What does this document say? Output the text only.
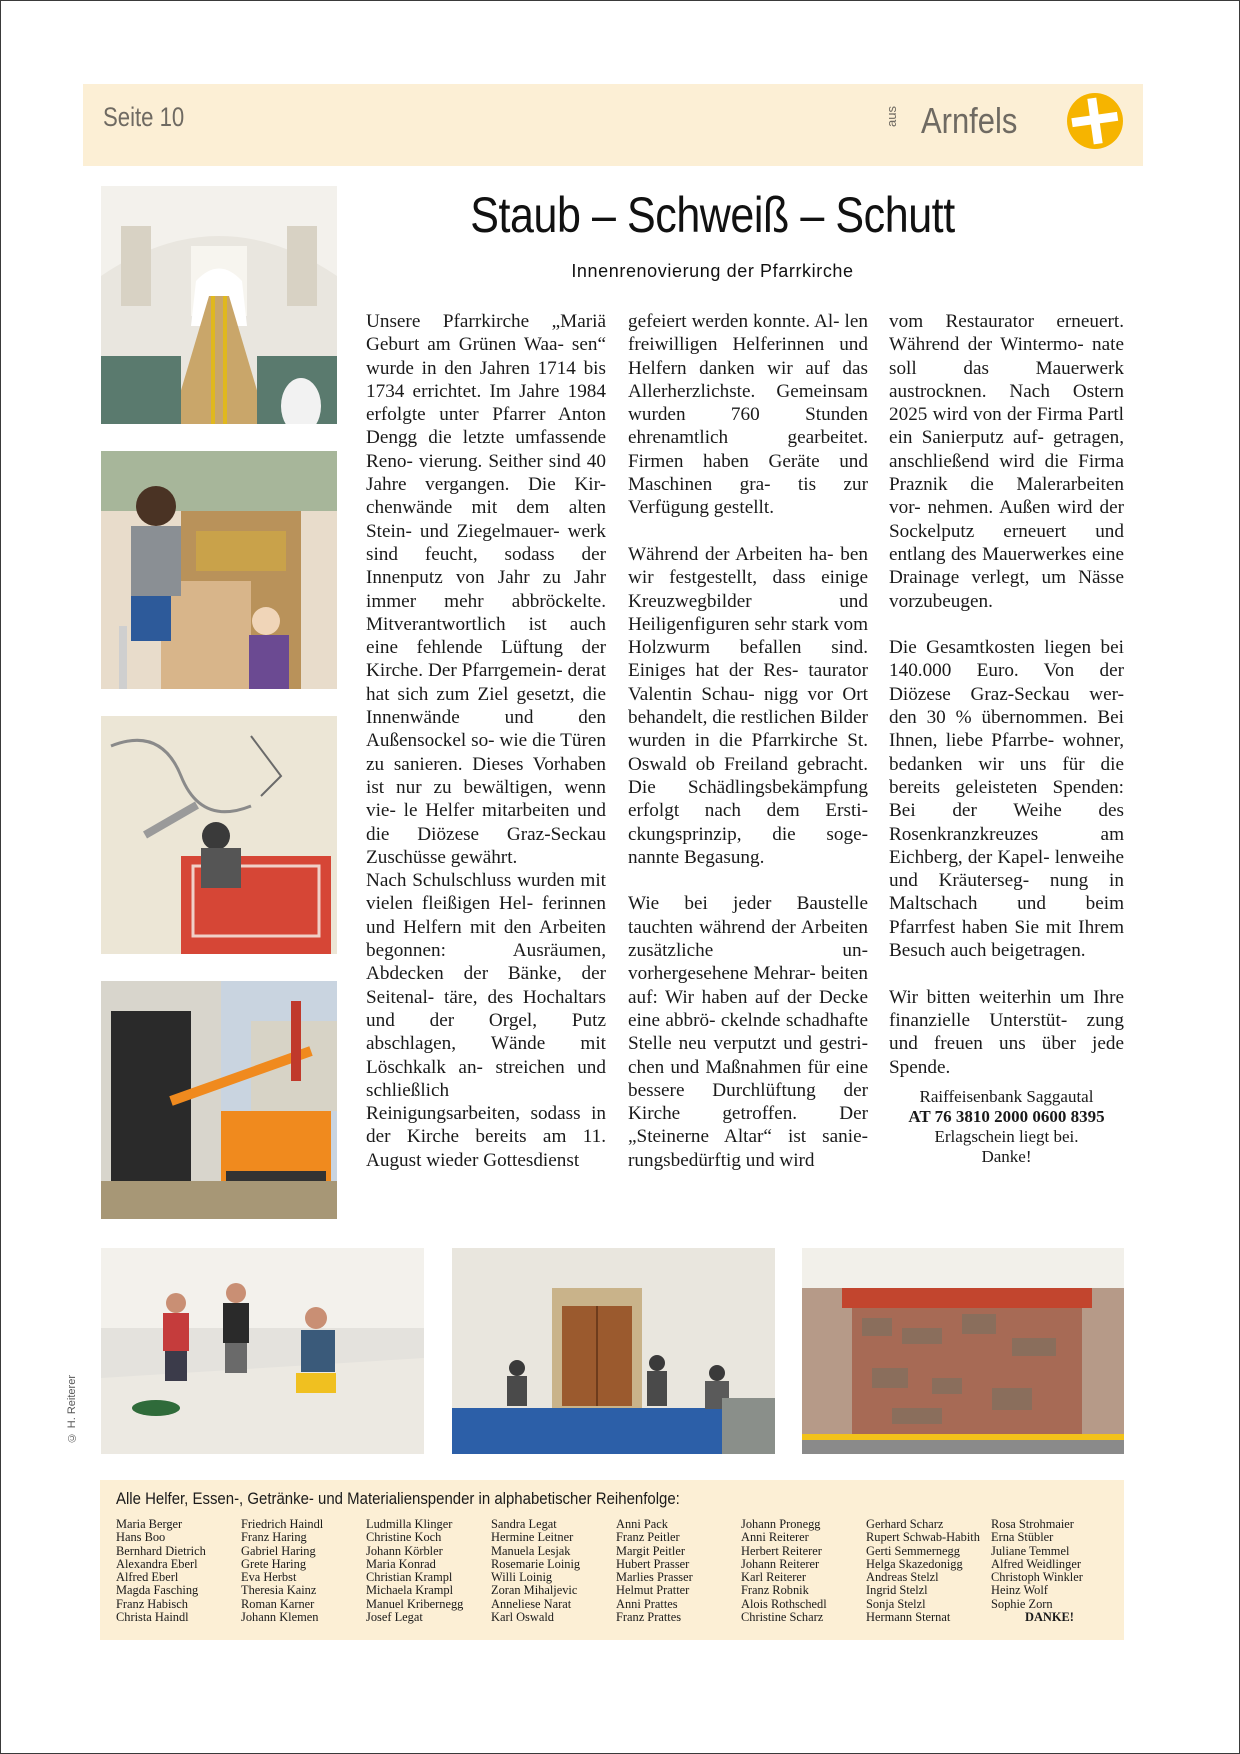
Seite 10	aus Arnfels
Staub – Schweiß – Schutt
Innenrenovierung der Pfarrkirche

Unsere Pfarrkirche „Mariä Geburt am Grünen Waa- sen“ wurde in den Jahren 1714 bis 1734 errichtet. Im Jahre 1984 erfolgte unter Pfarrer Anton Dengg die letzte umfassende Reno- vierung. Seither sind 40 Jahre vergangen. Die Kir- chenwände mit dem alten Stein- und Ziegelmauer- werk sind feucht, sodass der Innenputz von Jahr zu Jahr immer mehr abbröckelte. Mitverantwortlich ist auch eine fehlende Lüftung der Kirche. Der Pfarrgemein- derat hat sich zum Ziel gesetzt, die Innenwände und den Außensockel so- wie die Türen zu sanieren. Dieses Vorhaben ist nur zu bewältigen, wenn vie- le Helfer mitarbeiten und die Diözese Graz-Seckau Zuschüsse gewährt.

Nach Schulschluss wurden mit vielen fleißigen Hel- ferinnen und Helfern mit den Arbeiten begonnen: Ausräumen, Abdecken der Bänke, der Seitenal- täre, des Hochaltars und der Orgel, Putz abschlagen, Wände mit Löschkalk an- streichen und schließlich Reinigungsarbeiten, sodass in der Kirche bereits am 11. August wieder Gottesdienst

gefeiert werden konnte. Al- len freiwilligen Helferinnen und Helfern danken wir auf das Allerherzlichste. Gemeinsam wurden 760 Stunden ehrenamtlich gearbeitet. Firmen haben Geräte und Maschinen gra- tis zur Verfügung gestellt.

Während der Arbeiten ha- ben wir festgestellt, dass einige Kreuzwegbilder und Heiligenfiguren sehr stark vom Holzwurm befallen sind. Einiges hat der Res- taurator Valentin Schau- nigg vor Ort behandelt, die restlichen Bilder wurden in die Pfarrkirche St. Oswald ob Freiland gebracht. Die Schädlingsbekämpfung erfolgt nach dem Ersti- ckungsprinzip, die soge- nannte Begasung.

Wie bei jeder Baustelle tauchten während der Arbeiten zusätzliche un- vorhergesehene Mehrar- beiten auf: Wir haben auf der Decke eine abbrö- ckelnde schadhafte Stelle neu verputzt und gestri- chen und Maßnahmen für eine bessere Durchlüftung der Kirche getroffen. Der „Steinerne Altar“ ist sanie- rungsbedürftig und wird

vom Restaurator erneuert. Während der Wintermo- nate soll das Mauerwerk austrocknen. Nach Ostern 2025 wird von der Firma Partl ein Sanierputz auf- getragen, anschließend wird die Firma Praznik die Malerarbeiten vor- nehmen. Außen wird der Sockelputz erneuert und entlang des Mauerwerkes eine Drainage verlegt, um Nässe vorzubeugen.

Die Gesamtkosten liegen bei 140.000 Euro. Von der Diözese Graz-Seckau wer- den 30 % übernommen. Bei Ihnen, liebe Pfarrbe- wohner, bedanken wir uns für die bereits geleisteten Spenden: Bei der Weihe des Rosenkranzkreuzes am Eichberg, der Kapel- lenweihe und Kräuterseg- nung in Maltschach und beim Pfarrfest haben Sie mit Ihrem Besuch auch beigetragen.

Wir bitten weiterhin um Ihre finanzielle Unterstüt- zung und freuen uns über jede Spende.

Raiffeisenbank Saggautal
AT 76 3810 2000 0600 8395
Erlagschein liegt bei.
Danke!
© H. Reiterer
Alle Helfer, Essen-, Getränke- und Materialienspender in alphabetischer Reihenfolge:
Maria Berger
Hans Boo
Bernhard Dietrich
Alexandra Eberl
Alfred Eberl
Magda Fasching
Franz Habisch
Christa Haindl
Friedrich Haindl
Franz Haring
Gabriel Haring
Grete Haring
Eva Herbst
Theresia Kainz
Roman Karner
Johann Klemen
Ludmilla Klinger
Christine Koch
Johann Körbler
Maria Konrad
Christian Krampl
Michaela Krampl
Manuel Kribernegg
Josef Legat
Sandra Legat
Hermine Leitner
Manuela Lesjak
Rosemarie Loinig
Willi Loinig
Zoran Mihaljevic
Anneliese Narat
Karl Oswald
Anni Pack
Franz Peitler
Margit Peitler
Hubert Prasser
Marlies Prasser
Helmut Pratter
Anni Prattes
Franz Prattes
Johann Pronegg
Anni Reiterer
Herbert Reiterer
Johann Reiterer
Karl Reiterer
Franz Robnik
Alois Rothschedl
Christine Scharz
Gerhard Scharz
Rupert Schwab-Habith
Gerti Semmernegg
Helga Skazedonigg
Andreas Stelzl
Ingrid Stelzl
Sonja Stelzl
Hermann Sternat
Rosa Strohmaier
Erna Stübler
Juliane Temmel
Alfred Weidlinger
Christoph Winkler
Heinz Wolf
Sophie Zorn
DANKE!
